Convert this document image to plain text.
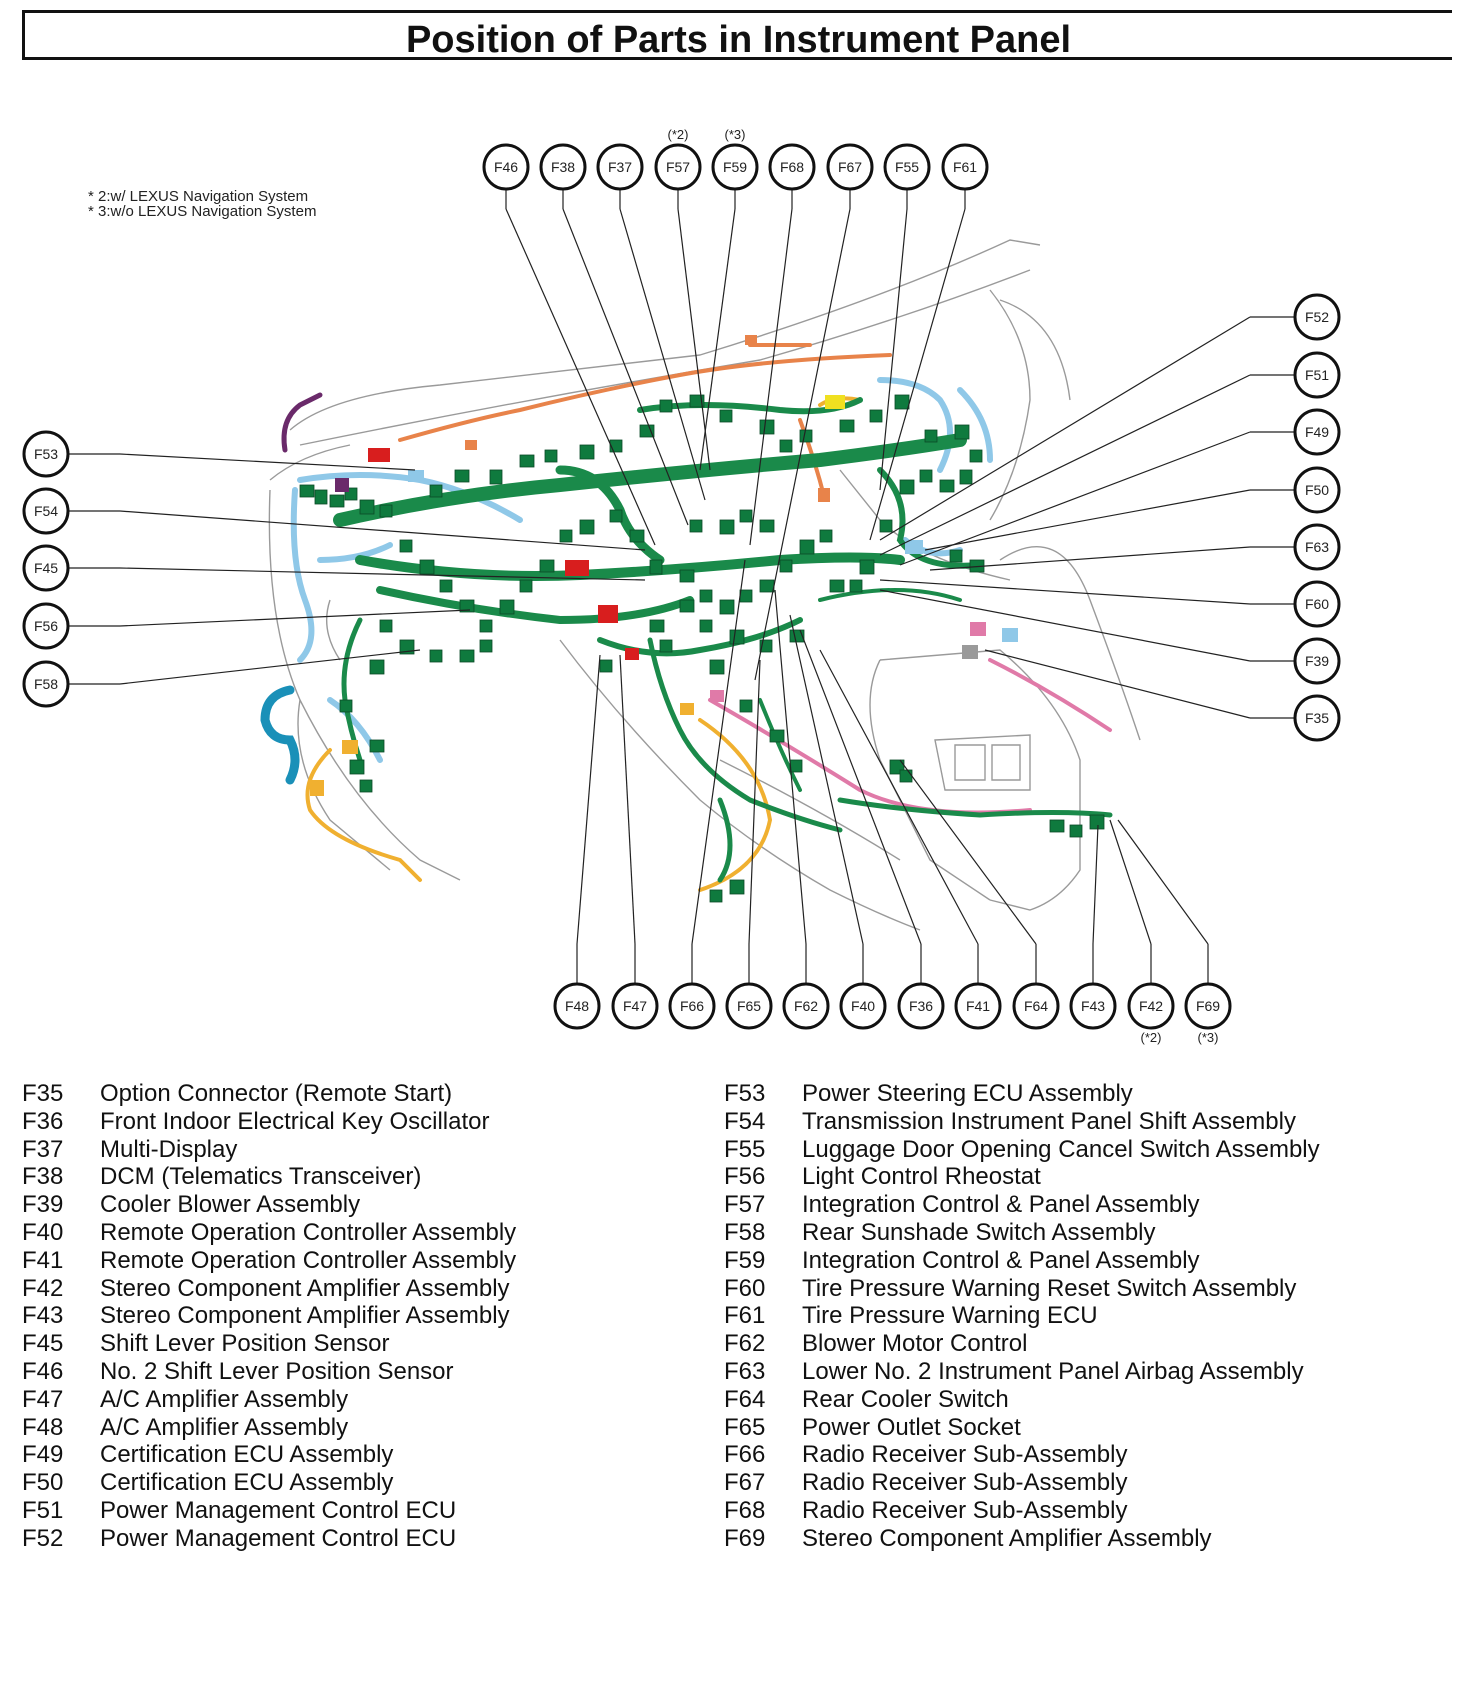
Position of Parts in Instrument Panel
* 2:w/ LEXUS Navigation System
* 3:w/o LEXUS Navigation System
F46 F38 F37 F57
(*2)
F59
(*3)
F68 F67 F55 F61
F53
F54
F45
F56
F58
F52
F51
F49
F50
F63
F60
F39
F35
F48 F47 F66 F65 F62 F40 F36 F41 F64 F43 F42
(*2)
F69
(*3)
F35 Option Connector (Remote Start)
F36 Front Indoor Electrical Key Oscillator
F37 Multi-Display
F38 DCM (Telematics Transceiver)
F39 Cooler Blower Assembly
F40 Remote Operation Controller Assembly
F41 Remote Operation Controller Assembly
F42 Stereo Component Amplifier Assembly
F43 Stereo Component Amplifier Assembly
F45 Shift Lever Position Sensor
F46 No. 2 Shift Lever Position Sensor
F47 A/C Amplifier Assembly
F48 A/C Amplifier Assembly
F49 Certification ECU Assembly
F50 Certification ECU Assembly
F51 Power Management Control ECU
F52 Power Management Control ECU
F53 Power Steering ECU Assembly
F54 Transmission Instrument Panel Shift Assembly
F55 Luggage Door Opening Cancel Switch Assembly
F56 Light Control Rheostat
F57 Integration Control & Panel Assembly
F58 Rear Sunshade Switch Assembly
F59 Integration Control & Panel Assembly
F60 Tire Pressure Warning Reset Switch Assembly
F61 Tire Pressure Warning ECU
F62 Blower Motor Control
F63 Lower No. 2 Instrument Panel Airbag Assembly
F64 Rear Cooler Switch
F65 Power Outlet Socket
F66 Radio Receiver Sub-Assembly
F67 Radio Receiver Sub-Assembly
F68 Radio Receiver Sub-Assembly
F69 Stereo Component Amplifier Assembly
